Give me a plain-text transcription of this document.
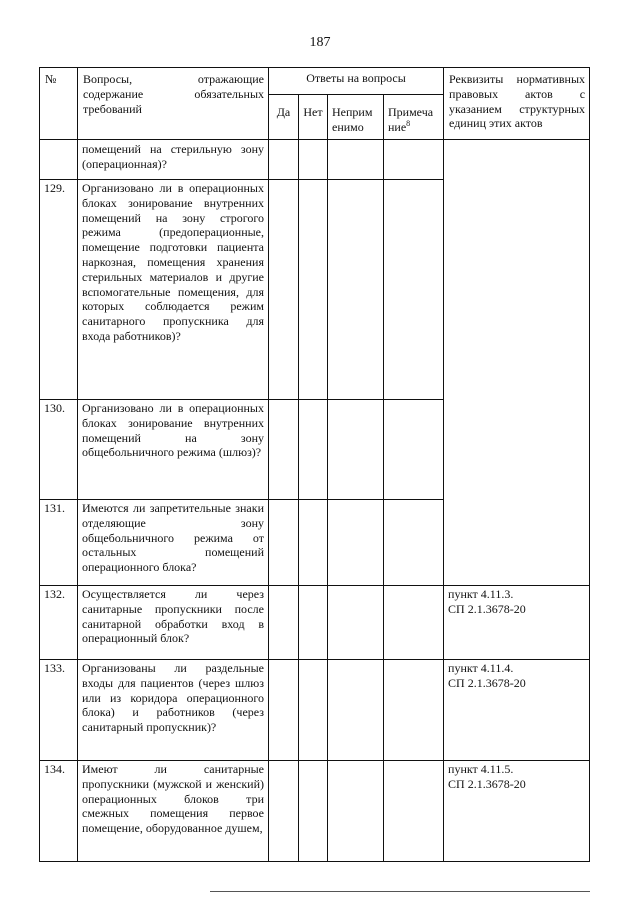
187
№	Вопросы, отражающие содержание обязательных требований	Ответы на вопросы				Реквизиты нормативных правовых актов с указанием структурных единиц этих актов
		Да	Нет	Неприм енимо	Примеча ние$^8$
	помещений на стерильную зону (операционная)?					
129.	Организовано ли в операционных блоках зонирование внутренних помещений на зону строгого режима (предоперационные, помещение подготовки пациента наркозная, помещения хранения стерильных материалов и другие вспомогательные помещения, для которых соблюдается режим санитарного пропускника для входа работников)?					
130.	Организовано ли в операционных блоках зонирование внутренних помещений на зону общебольничного режима (шлюз)?					
131.	Имеются ли запретительные знаки отделяющие зону общебольничного режима от остальных помещений операционного блока?					
132.	Осуществляется ли через санитарные пропускники после санитарной обработки вход в операционный блок?					пункт 4.11.3.
СП 2.1.3678-20

133.	Организованы ли раздельные входы для пациентов (через шлюз или из коридора операционного блока) и работников (через санитарный пропускник)?					пункт 4.11.4.
СП 2.1.3678-20

134.	Имеют ли санитарные пропускники (мужской и женский) операционных блоков три смежных помещения первое помещение, оборудованное душем,					пункт 4.11.5.
СП 2.1.3678-20
